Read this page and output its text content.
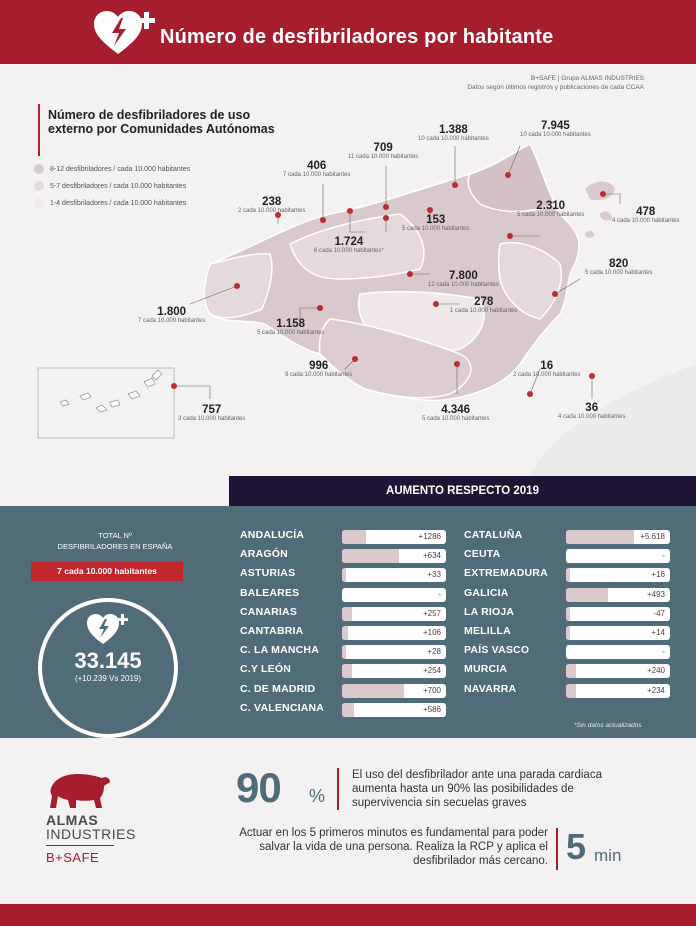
Número de desfibriladores por habitante
B+SAFE | Grupo ALMAS INDUSTRIES
Datos según últimos registros y publicaciones de cada CCAA
Número de desfibriladores de uso externo por Comunidades Autónomas
8-12 desfibriladores / cada 10.000 habitantes
5-7 desfibriladores / cada 10.000 habitantes
1-4 desfibriladores / cada 10.000 habitantes
406
7 cada 10.000 habitantes
709
11 cada 10.000 habitantes
1.388
10 cada 10.000 habitantes
7.945
10 cada 10.000 habitantes
238
2 cada 10.000 habitantes
1.724
6 cada 10.000 habitantes*
153
5 cada 10.000 habitantes
2.310
5 cada 10.000 habitantes	478
4 cada 10.000 habitantes
7.800
12 cada 10.000 habitantes
820
5 cada 10.000 habitantes
1.800
7 cada 10.000 habitantes	1.158
5 cada 10.000 habitantes
278
1 cada 10.000 habitantes
996
9 cada 10.000 habitantes
16
2 cada 10.000 habitantes
757
3 cada 10.000 habitantes
4.346
5 cada 10.000 habitantes
36
4 cada 10.000 habitantes
AUMENTO RESPECTO 2019
TOTAL Nº
DESFIBRILADORES EN ESPAÑA
7 cada 10.000 habitantes
33.145
(+10.239 Vs 2019)
ANDALUCÍA	+1286
ARAGÓN	+634
ASTURIAS	+33
BALEARES	-
CANARIAS	+257
CANTABRIA	+106
C. LA MANCHA	+28
C.Y LEÓN	+254
C. DE MADRID	+700
C. VALENCIANA	+586
CATALUÑA	+5.618
CEUTA	-
EXTREMADURA	+16
GALICIA	+493
LA RIOJA	-47
MELILLA	+14
PAÍS VASCO	-
MURCIA	+240
NAVARRA	+234
*Sin datos actualizados
ALMAS
INDUSTRIES
B+SAFE
90 %
El uso del desfibrilador ante una parada cardiaca aumenta hasta un 90% las posibilidades de supervivencia sin secuelas graves
Actuar en los 5 primeros minutos es fundamental para poder salvar la vida de una persona. Realiza la RCP y aplica el desfibrilador más cercano. 5 min
